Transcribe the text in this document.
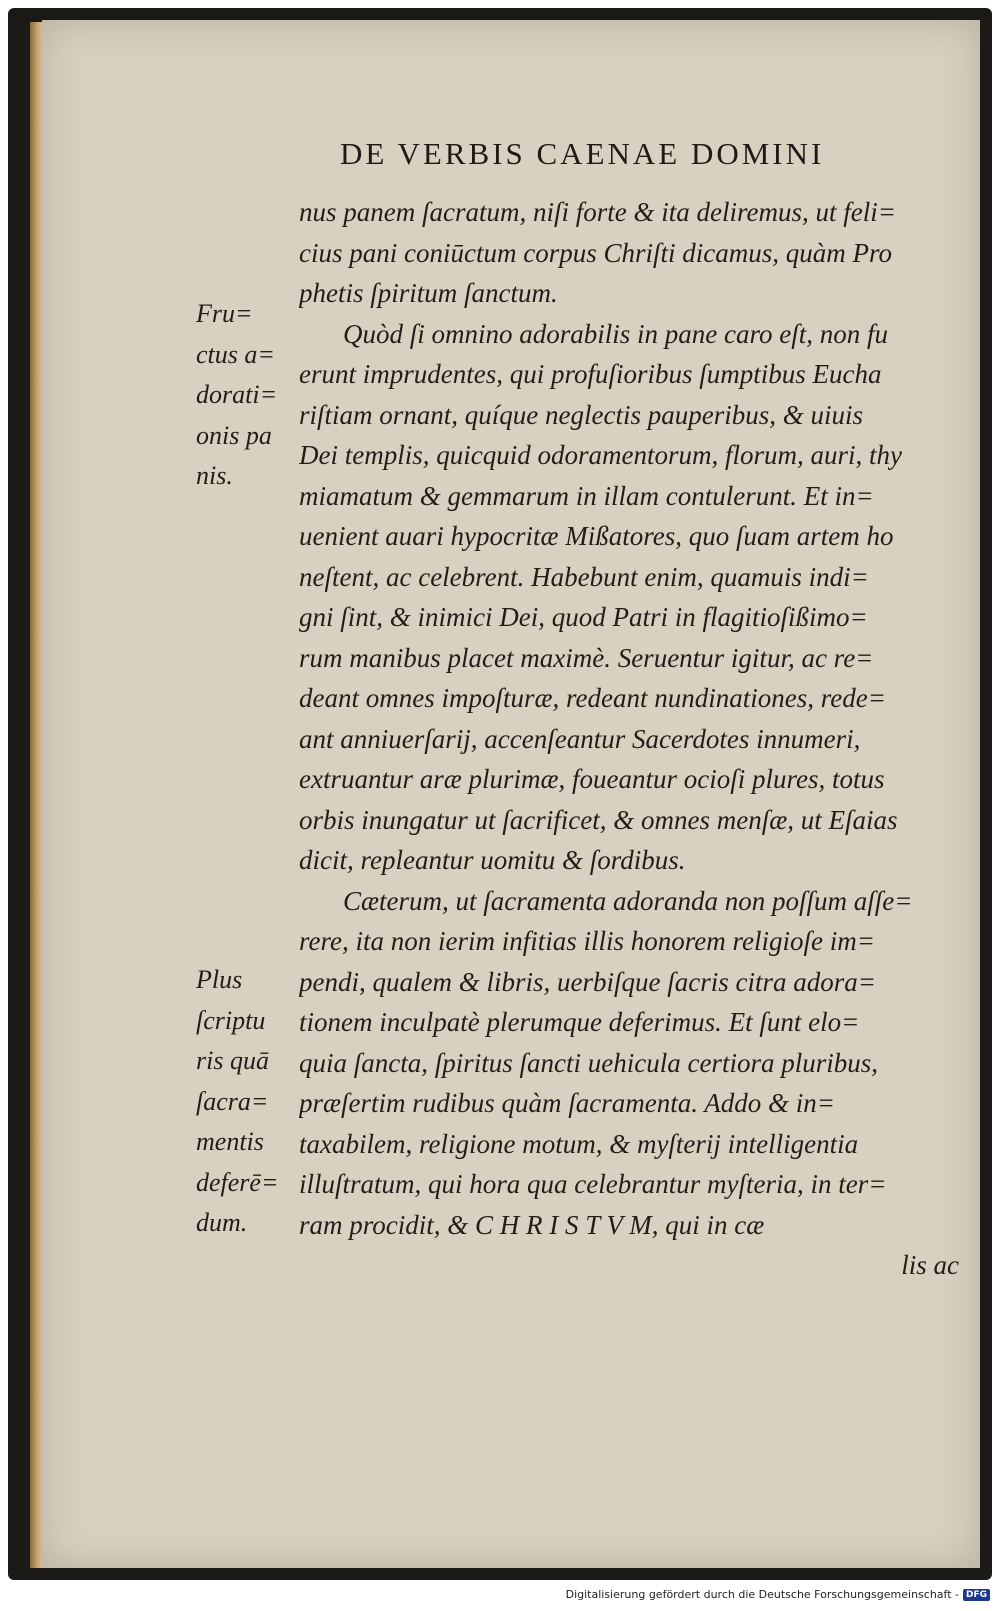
DE VERBIS CAENAE DOMINI
nus panem ſacratum, niſi forte & ita deliremus, ut feli=
cius pani coniūctum corpus Chriſti dicamus, quàm Pro
phetis ſpiritum ſanctum.
Quòd ſi omnino adorabilis in pane caro eſt, non fu
erunt imprudentes, qui profuſioribus ſumptibus Eucha
riſtiam ornant, quíque neglectis pauperibus, & uiuis
Dei templis, quicquid odoramentorum, florum, auri, thy
miamatum & gemmarum in illam contulerunt. Et in=
uenient auari hypocritæ Mißatores, quo ſuam artem ho
neſtent, ac celebrent. Habebunt enim, quamuis indi=
gni ſint, & inimici Dei, quod Patri in flagitioſißimo=
rum manibus placet maximè. Seruentur igitur, ac re=
deant omnes impoſturæ, redeant nundinationes, rede=
ant anniuerſarij, accenſeantur Sacerdotes innumeri,
extruantur aræ plurimæ, foueantur ocioſi plures, totus
orbis inungatur ut ſacrificet, & omnes menſæ, ut Eſaias
dicit, repleantur uomitu & ſordibus.
Cæterum, ut ſacramenta adoranda non poſſum aſſe=
rere, ita non ierim infitias illis honorem religioſe im=
pendi, qualem & libris, uerbiſque ſacris citra adora=
tionem inculpatè plerumque deferimus. Et ſunt elo=
quia ſancta, ſpiritus ſancti uehicula certiora pluribus,
præſertim rudibus quàm ſacramenta. Addo & in=
taxabilem, religione motum, & myſterij intelligentia
illuſtratum, qui hora qua celebrantur myſteria, in ter=
ram procidit, & C H R I S T V M, qui in cæ
lis ac
Fru=
ctus a=
dorati=
onis pa
nis.
Plus
ſcriptu
ris quā
ſacra=
mentis
deferē=
dum.
Digitalisierung gefördert durch die Deutsche Forschungsgemeinschaft - DFG
